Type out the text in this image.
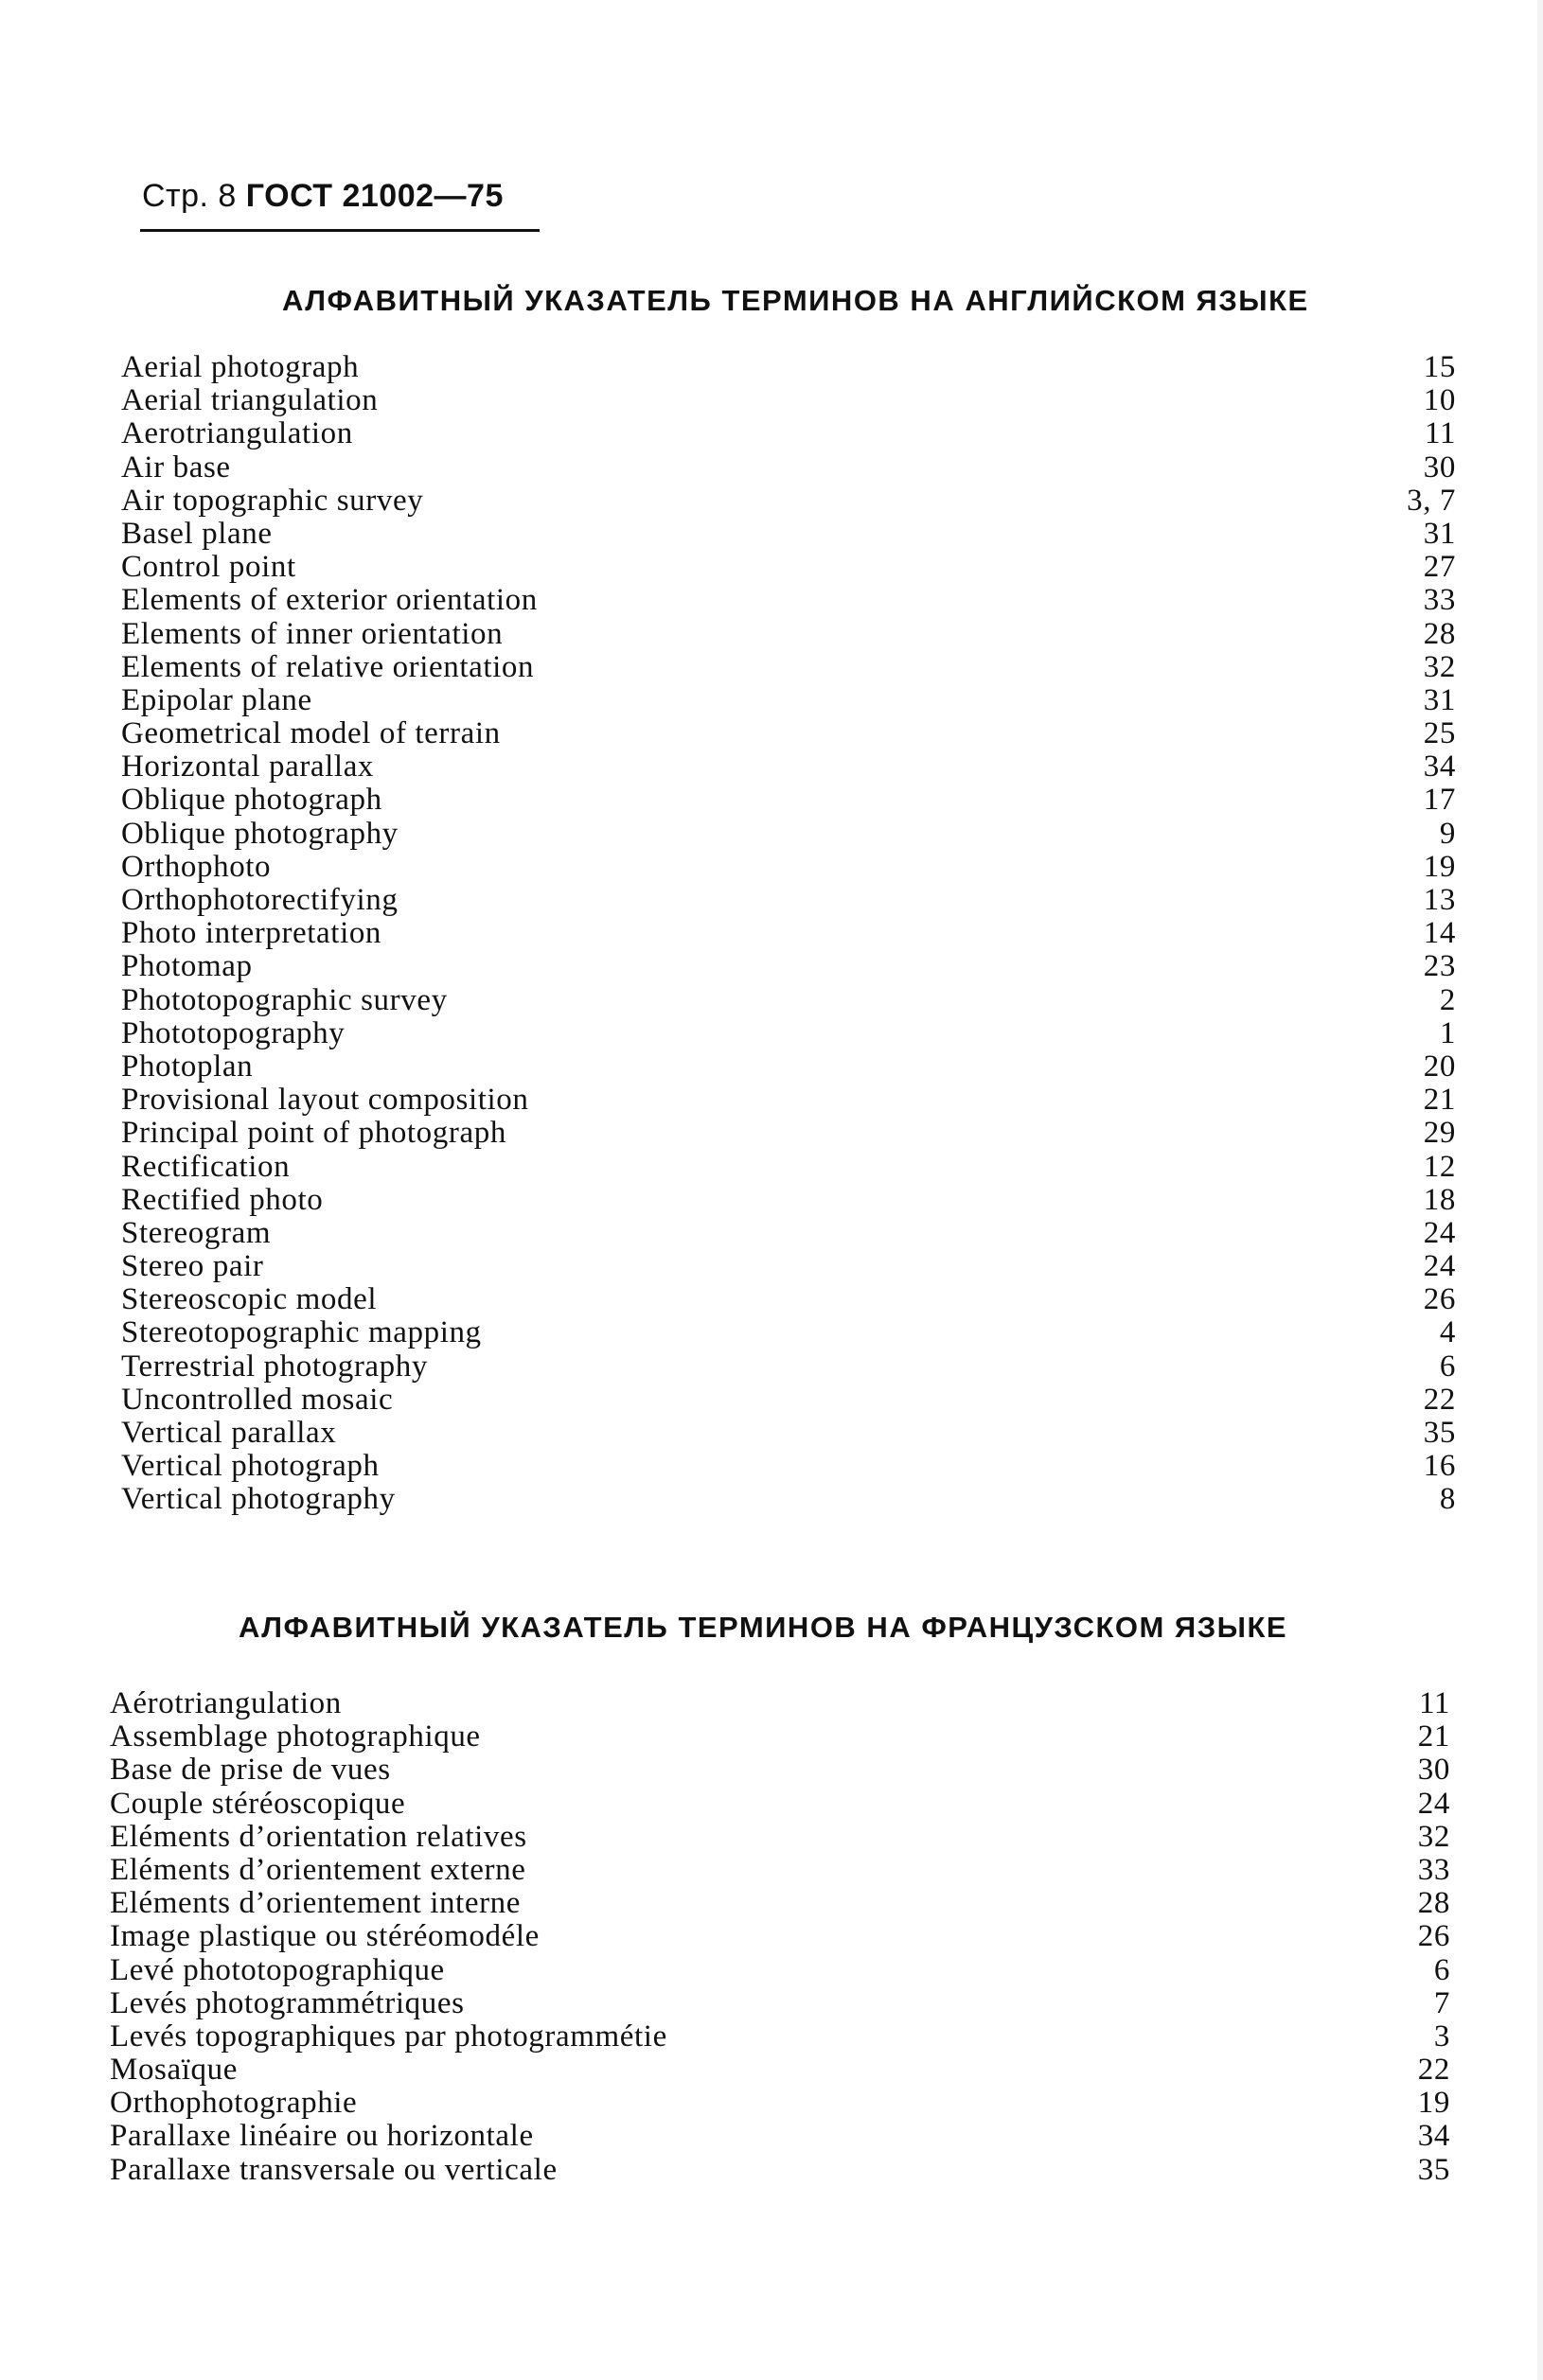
Стр. 8 ГОСТ 21002—75
АЛФАВИТНЫЙ УКАЗАТЕЛЬ ТЕРМИНОВ НА АНГЛИЙСКОМ ЯЗЫКЕ
Aerial photograph	15
Aerial triangulation	10
Aerotriangulation	11
Air base	30
Air topographic survey	3, 7
Basel plane	31
Control point	27
Elements of exterior orientation	33
Elements of inner orientation	28
Elements of relative orientation	32
Epipolar plane	31
Geometrical model of terrain	25
Horizontal parallax	34
Oblique photograph	17
Oblique photography	9
Orthophoto	19
Orthophotorectifying	13
Photo interpretation	14
Photomap	23
Phototopographic survey	2
Phototopography	1
Photoplan	20
Provisional layout composition	21
Principal point of photograph	29
Rectification	12
Rectified photo	18
Stereogram	24
Stereo pair	24
Stereoscopic model	26
Stereotopographic mapping	4
Terrestrial photography	6
Uncontrolled mosaic	22
Vertical parallax	35
Vertical photograph	16
Vertical photography	8
АЛФАВИТНЫЙ УКАЗАТЕЛЬ ТЕРМИНОВ НА ФРАНЦУЗСКОМ ЯЗЫКЕ
Aérotriangulation	11
Assemblage photographique	21
Base de prise de vues	30
Couple stéréoscopique	24
Eléments d’orientation relatives	32
Eléments d’orientement externe	33
Eléments d’orientement interne	28
Image plastique ou stéréomodéle	26
Levé phototopographique	6
Levés photogrammétriques	7
Levés topographiques par photogrammétie	3
Mosaïque	22
Orthophotographie	19
Parallaxe linéaire ou horizontale	34
Parallaxe transversale ou verticale	35
